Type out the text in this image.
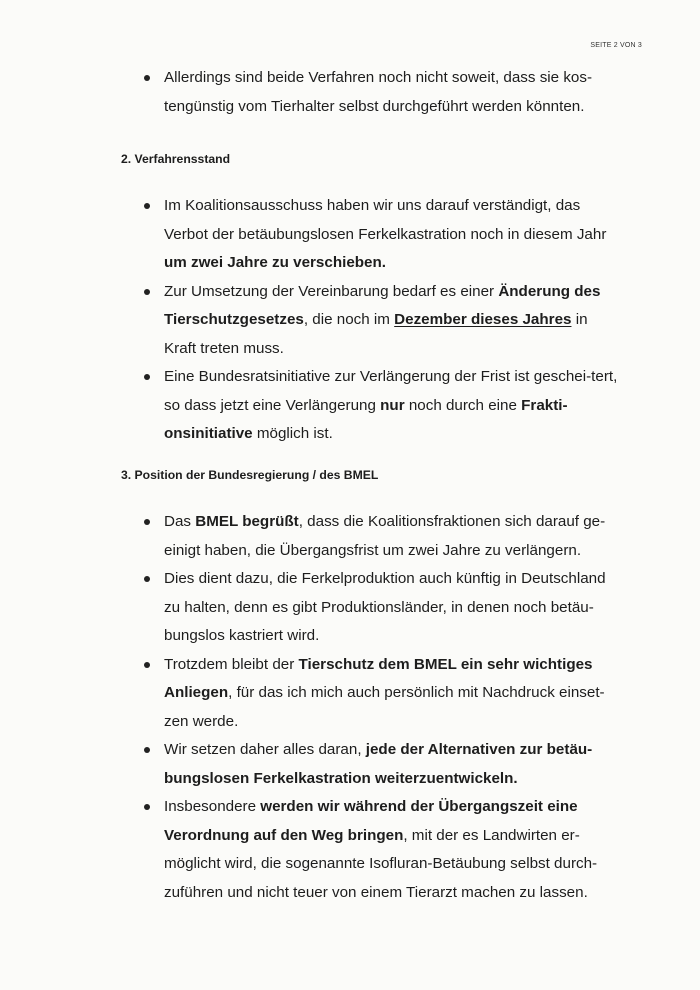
SEITE 2 VON 3
Allerdings sind beide Verfahren noch nicht soweit, dass sie kos-tengünstig vom Tierhalter selbst durchgeführt werden könnten.
2. Verfahrensstand
Im Koalitionsausschuss haben wir uns darauf verständigt, das Verbot der betäubungslosen Ferkelkastration noch in diesem Jahr um zwei Jahre zu verschieben.
Zur Umsetzung der Vereinbarung bedarf es einer Änderung des Tierschutzgesetzes, die noch im Dezember dieses Jahres in Kraft treten muss.
Eine Bundesratsinitiative zur Verlängerung der Frist ist geschei-tert, so dass jetzt eine Verlängerung nur noch durch eine Frakti-onsinitiative möglich ist.
3. Position der Bundesregierung / des BMEL
Das BMEL begrüßt, dass die Koalitionsfraktionen sich darauf ge-einigt haben, die Übergangsfrist um zwei Jahre zu verlängern.
Dies dient dazu, die Ferkelproduktion auch künftig in Deutschland zu halten, denn es gibt Produktionsländer, in denen noch betäu-bungslos kastriert wird.
Trotzdem bleibt der Tierschutz dem BMEL ein sehr wichtiges Anliegen, für das ich mich auch persönlich mit Nachdruck einset-zen werde.
Wir setzen daher alles daran, jede der Alternativen zur betäu-bungslosen Ferkelkastration weiterzuentwickeln.
Insbesondere werden wir während der Übergangszeit eine Verordnung auf den Weg bringen, mit der es Landwirten er-möglicht wird, die sogenannte Isofluran-Betäubung selbst durch-zuführen und nicht teuer von einem Tierarzt machen zu lassen.
